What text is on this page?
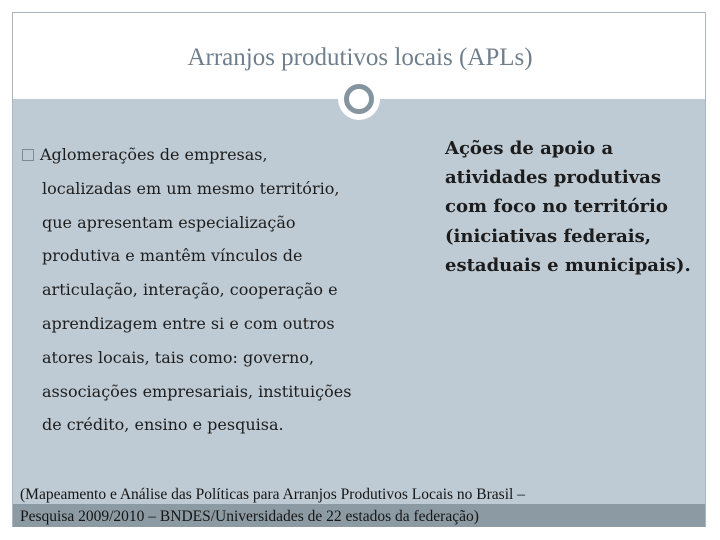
Arranjos produtivos locais (APLs)
Aglomerações de empresas,
localizadas em um mesmo território,
que apresentam especialização
produtiva e mantêm vínculos de
articulação, interação, cooperação e
aprendizagem entre si e com outros
atores locais, tais como: governo,
associações empresariais, instituições
de crédito, ensino e pesquisa.
Ações de apoio a
atividades produtivas
com foco no território
(iniciativas federais,
estaduais e municipais).
(Mapeamento e Análise das Políticas para Arranjos Produtivos Locais no Brasil –
Pesquisa 2009/2010 – BNDES/Universidades de 22 estados da federação)
